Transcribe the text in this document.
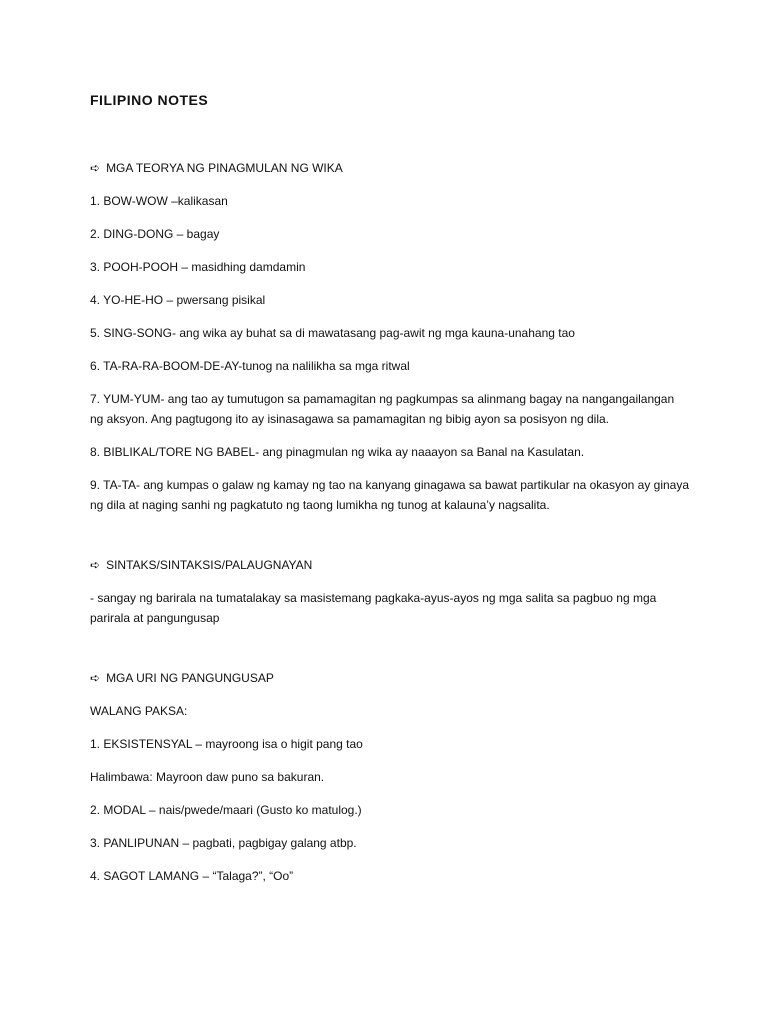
FILIPINO NOTES

➪ MGA TEORYA NG PINAGMULAN NG WIKA

1. BOW-WOW –kalikasan

2. DING-DONG – bagay

3. POOH-POOH – masidhing damdamin

4. YO-HE-HO – pwersang pisikal

5. SING-SONG- ang wika ay buhat sa di mawatasang pag-awit ng mga kauna-unahang tao

6. TA-RA-RA-BOOM-DE-AY-tunog na nalilikha sa mga ritwal

7. YUM-YUM- ang tao ay tumutugon sa pamamagitan ng pagkumpas sa alinmang bagay na nangangailangan ng aksyon. Ang pagtugong ito ay isinasagawa sa pamamagitan ng bibig ayon sa posisyon ng dila.

8. BIBLIKAL/TORE NG BABEL- ang pinagmulan ng wika ay naaayon sa Banal na Kasulatan.

9. TA-TA- ang kumpas o galaw ng kamay ng tao na kanyang ginagawa sa bawat partikular na okasyon ay ginaya ng dila at naging sanhi ng pagkatuto ng taong lumikha ng tunog at kalauna’y nagsalita.

➪ SINTAKS/SINTAKSIS/PALAUGNAYAN

- sangay ng barirala na tumatalakay sa masistemang pagkaka-ayus-ayos ng mga salita sa pagbuo ng mga parirala at pangungusap

➪ MGA URI NG PANGUNGUSAP

WALANG PAKSA:

1. EKSISTENSYAL – mayroong isa o higit pang tao

Halimbawa: Mayroon daw puno sa bakuran.

2. MODAL – nais/pwede/maari (Gusto ko matulog.)

3. PANLIPUNAN – pagbati, pagbigay galang atbp.

4. SAGOT LAMANG – “Talaga?”, “Oo”
